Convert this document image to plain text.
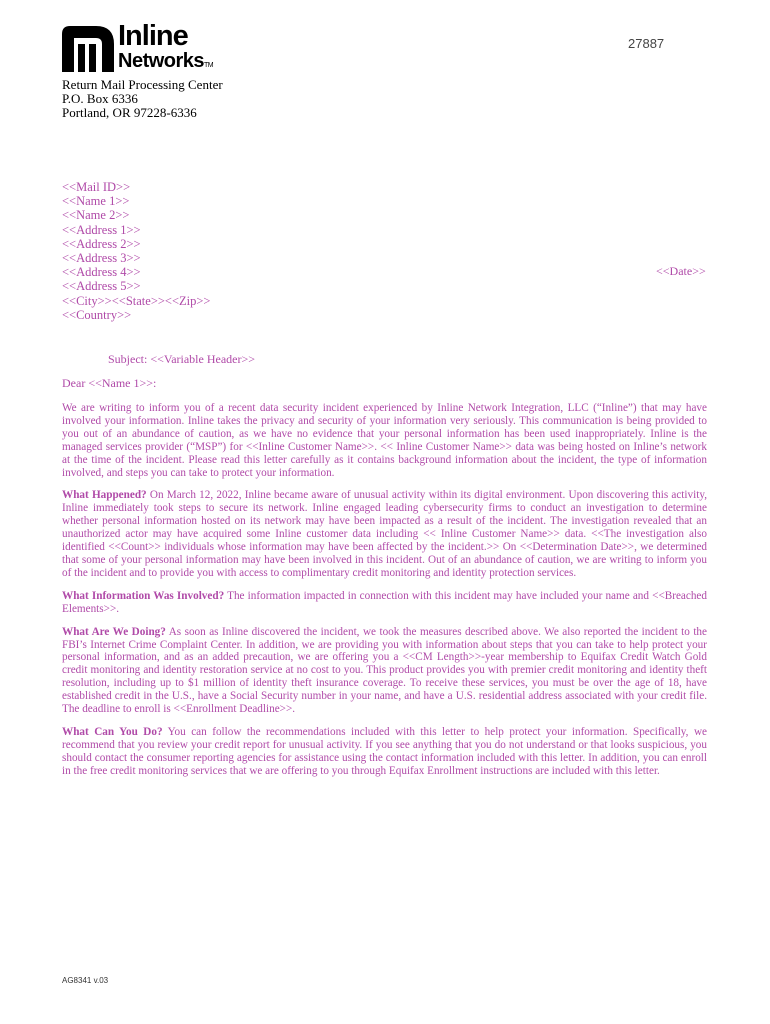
Inline
NetworksTM
27887
Return Mail Processing Center
P.O. Box 6336
Portland, OR 97228-6336
<<Mail ID>>
<<Name 1>>
<<Name 2>>
<<Address 1>>
<<Address 2>>
<<Address 3>>
<<Address 4>>
<<Address 5>>
<<City>><<State>><<Zip>>
<<Country>>
<<Date>>
Subject: <<Variable Header>>
Dear <<Name 1>>:

We are writing to inform you of a recent data security incident experienced by Inline Network Integration, LLC (“Inline”) that may have involved your information. Inline takes the privacy and security of your information very seriously. This communication is being provided to you out of an abundance of caution, as we have no evidence that your personal information has been used inappropriately. Inline is the managed services provider (“MSP”) for <<Inline Customer Name>>. << Inline Customer Name>> data was being hosted on Inline’s network at the time of the incident. Please read this letter carefully as it contains background information about the incident, the type of information involved, and steps you can take to protect your information.

What Happened? On March 12, 2022, Inline became aware of unusual activity within its digital environment. Upon discovering this activity, Inline immediately took steps to secure its network. Inline engaged leading cybersecurity firms to conduct an investigation to determine whether personal information hosted on its network may have been impacted as a result of the incident. The investigation revealed that an unauthorized actor may have acquired some Inline customer data including << Inline Customer Name>> data. <<The investigation also identified <<Count>> individuals whose information may have been affected by the incident.>> On <<Determination Date>>, we determined that some of your personal information may have been involved in this incident. Out of an abundance of caution, we are writing to inform you of the incident and to provide you with access to complimentary credit monitoring and identity protection services.

What Information Was Involved? The information impacted in connection with this incident may have included your name and <<Breached Elements>>.

What Are We Doing? As soon as Inline discovered the incident, we took the measures described above. We also reported the incident to the FBI’s Internet Crime Complaint Center. In addition, we are providing you with information about steps that you can take to help protect your personal information, and as an added precaution, we are offering you a <<CM Length>>-year membership to Equifax Credit Watch Gold credit monitoring and identity restoration service at no cost to you. This product provides you with premier credit monitoring and identity theft resolution, including up to $1 million of identity theft insurance coverage. To receive these services, you must be over the age of 18, have established credit in the U.S., have a Social Security number in your name, and have a U.S. residential address associated with your credit file. The deadline to enroll is <<Enrollment Deadline>>.

What Can You Do? You can follow the recommendations included with this letter to help protect your information. Specifically, we recommend that you review your credit report for unusual activity. If you see anything that you do not understand or that looks suspicious, you should contact the consumer reporting agencies for assistance using the contact information included with this letter. In addition, you can enroll in the free credit monitoring services that we are offering to you through Equifax Enrollment instructions are included with this letter.

AG8341 v.03
